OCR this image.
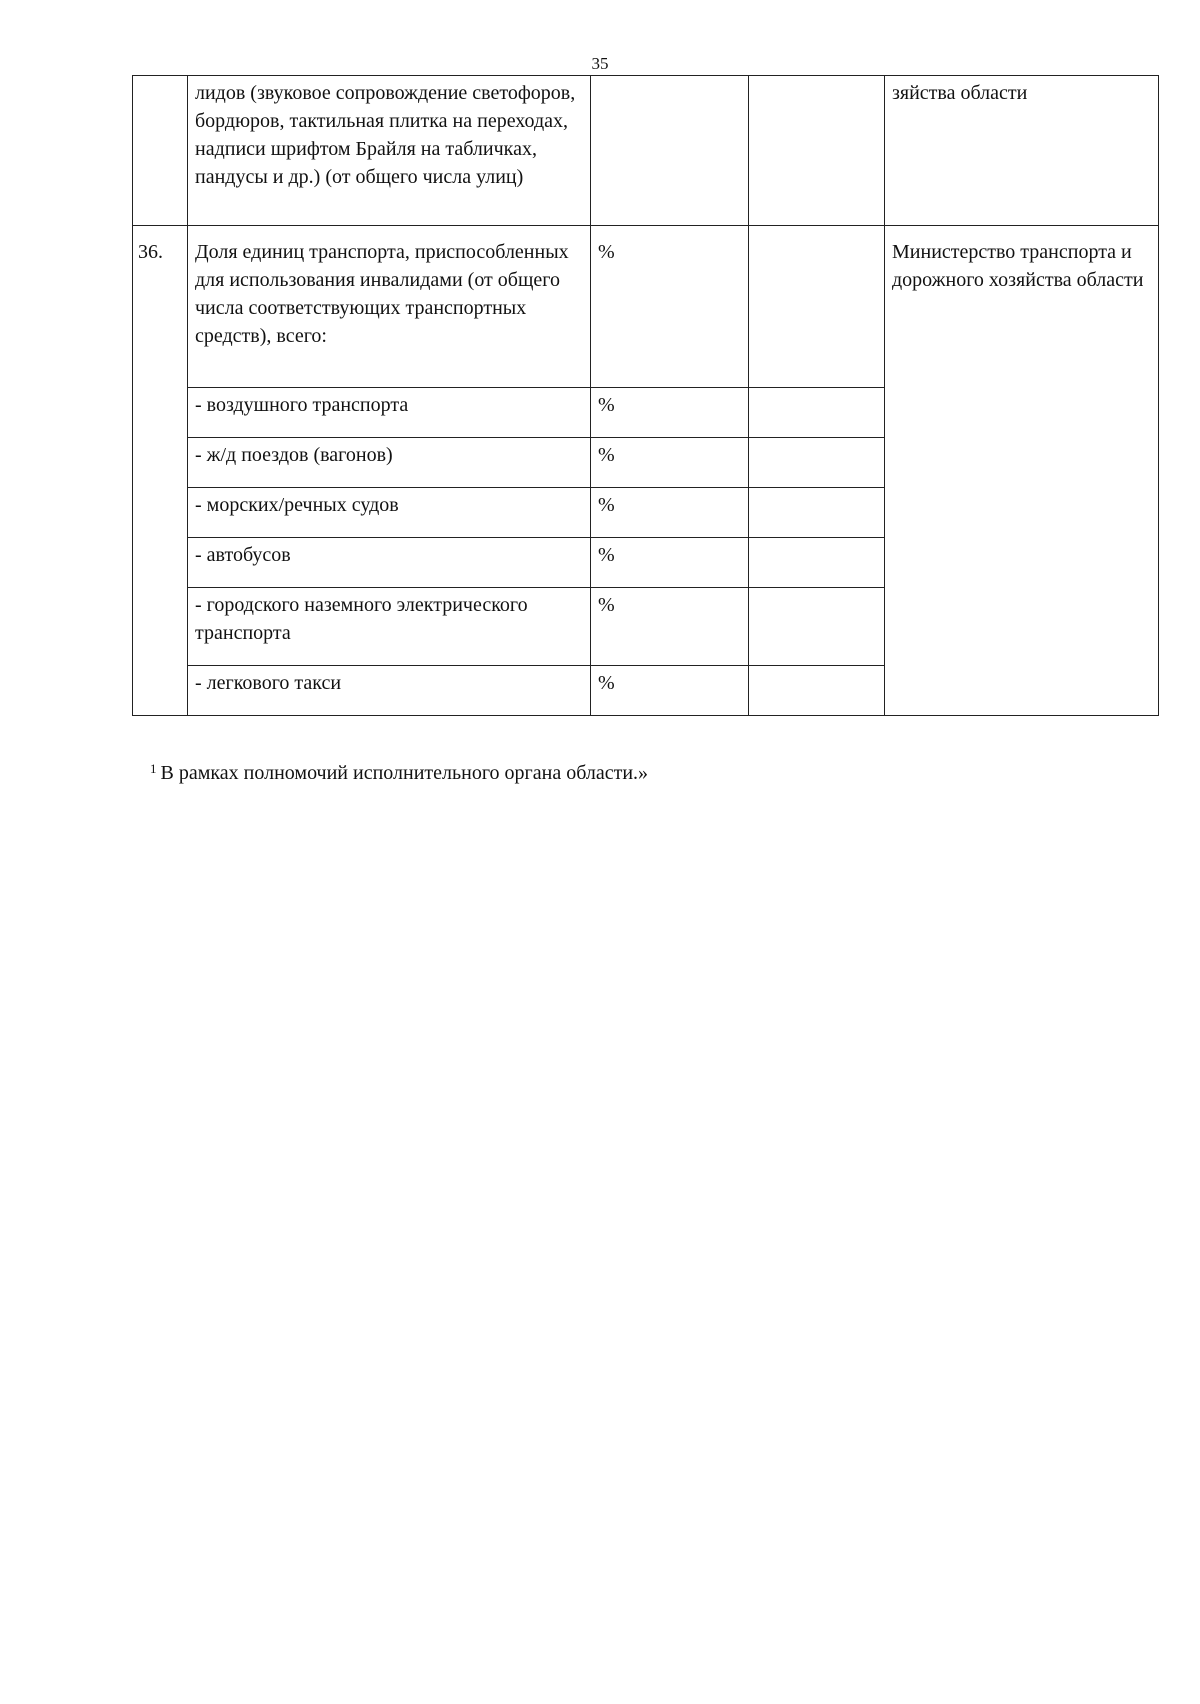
35
	лидов (звуковое сопровождение светофоров, бордюров, тактильная плитка на переходах, надписи шрифтом Брайля на табличках, пандусы и др.) (от общего числа улиц)			зяйства области
36.	Доля единиц транспорта, приспособленных для использования инвалидами (от общего числа соответствующих транспортных средств), всего:	%		Министерство транспорта и дорожного хозяйства области
	- воздушного транспорта	%		
	- ж/д поездов (вагонов)	%		
	- морских/речных судов	%		
	- автобусов	%		
	- городского наземного электрического транспорта	%		
	- легкового такси	%		
$^1$ В рамках полномочий исполнительного органа области.»
